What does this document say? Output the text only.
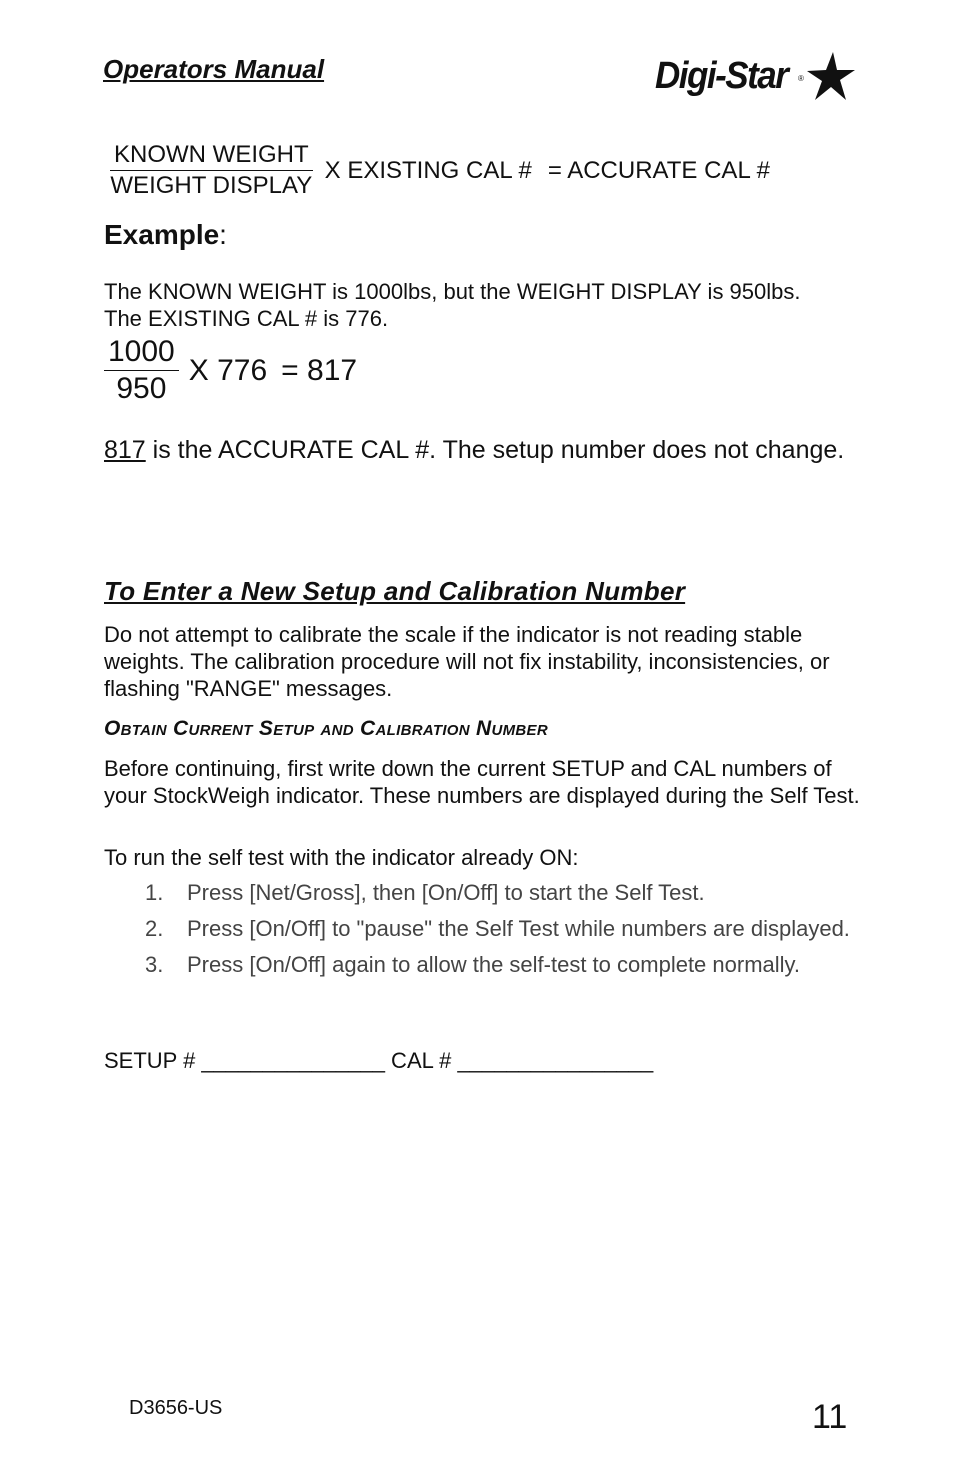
Operators Manual	Digi-Star ®
$\frac{\text{KNOWN WEIGHT}}{\text{WEIGHT DISPLAY}}$ X EXISTING CAL # = ACCURATE CAL #
Example:
The KNOWN WEIGHT is 1000lbs, but the WEIGHT DISPLAY is 950lbs.
The EXISTING CAL # is 776.
$\frac{1000}{950}$ X 776 = 817
817 is the ACCURATE CAL #. The setup number does not change.
To Enter a New Setup and Calibration Number
Do not attempt to calibrate the scale if the indicator is not reading stable weights. The calibration procedure will not fix instability, inconsistencies, or flashing "RANGE" messages.
Obtain Current Setup and Calibration Number
Before continuing, first write down the current SETUP and CAL numbers of your StockWeigh indicator. These numbers are displayed during the Self Test.
To run the self test with the indicator already ON:
1.	Press [Net/Gross], then [On/Off] to start the Self Test.
2.	Press [On/Off] to "pause" the Self Test while numbers are displayed.
3.	Press [On/Off] again to allow the self-test to complete normally.
SETUP # _______________ CAL # ________________
D3656-US	11
